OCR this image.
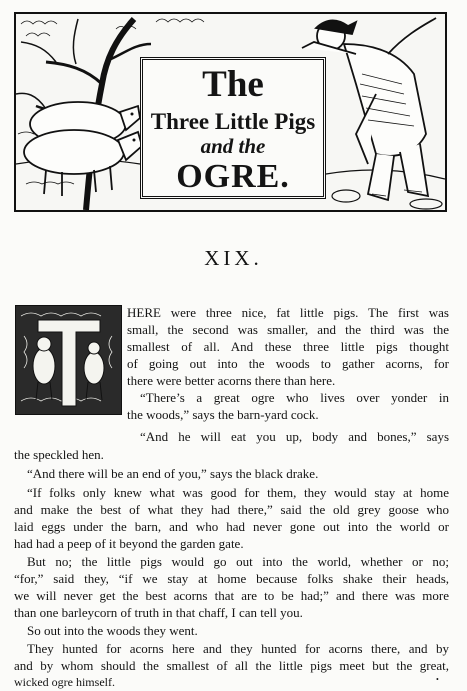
The
Three Little Pigs
and the
OGRE.
XIX.
HERE were three nice, fat little pigs. The first was
small, the second was smaller, and the third was the
smallest of all. And these three little pigs thought
of going out into the woods to gather acorns, for
there were better acorns there than here.
“There’s a great ogre who lives over yonder in
the woods,” says the barn-yard cock.
“And he will eat you up, body and bones,” says
the speckled hen.
“And there will be an end of you,” says the black drake.
“If folks only knew what was good for them, they would stay at home
and make the best of what they had there,” said the old grey goose who
laid eggs under the barn, and who had never gone out into the world or
had had a peep of it beyond the garden gate.
But no; the little pigs would go out into the world, whether or no;
“for,” said they, “if we stay at home because folks shake their heads,
we will never get the best acorns that are to be had;” and there was more
than one barleycorn of truth in that chaff, I can tell you.
So out into the woods they went.
They hunted for acorns here and they hunted for acorns there, and by
and by whom should the smallest of all the little pigs meet but the great,
wicked ogre himself.	•
